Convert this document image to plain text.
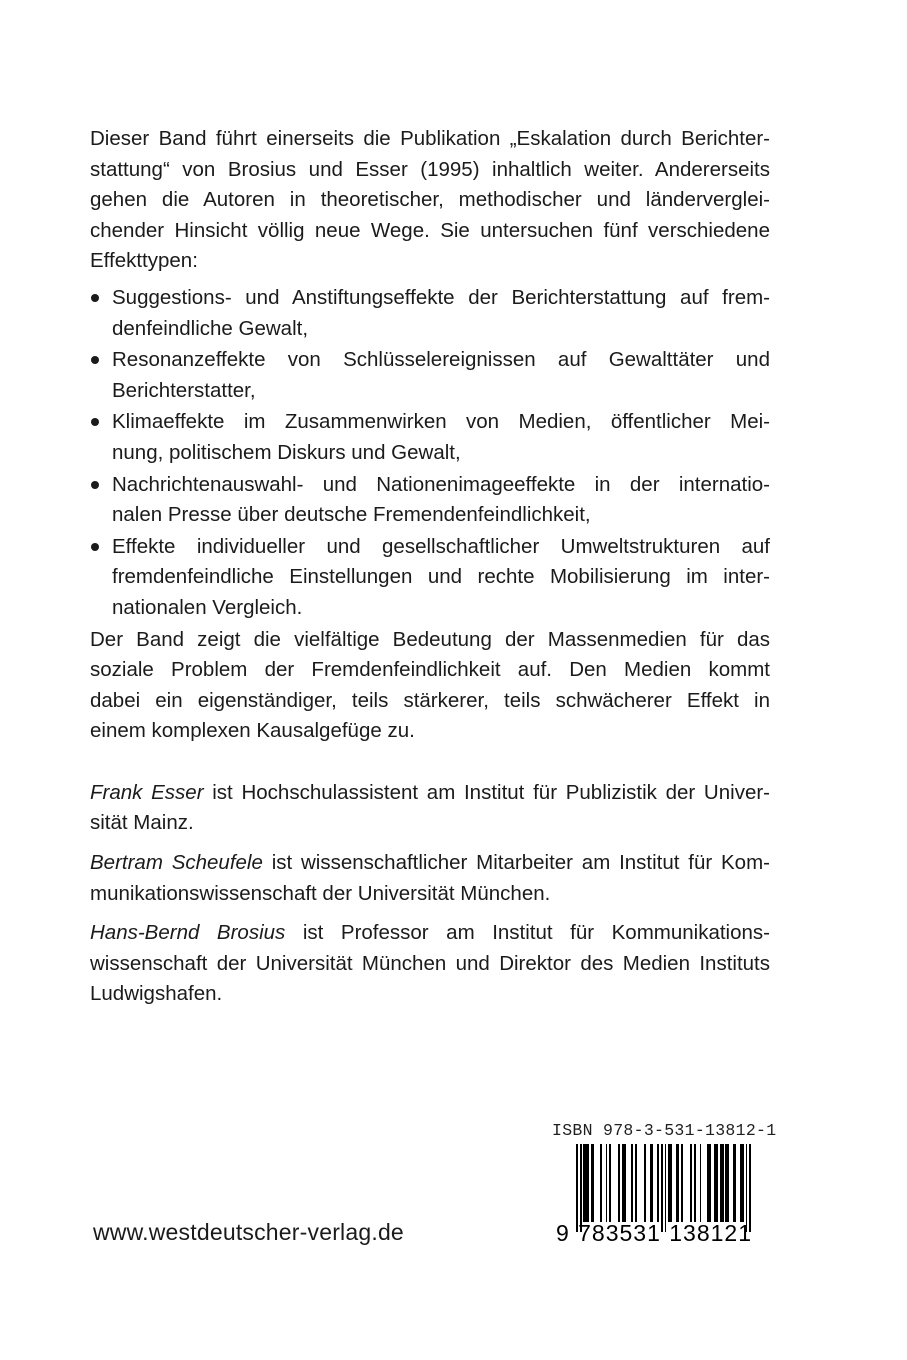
Dieser Band führt einerseits die Publikation „Eskalation durch Berichter-
stattung“ von Brosius und Esser (1995) inhaltlich weiter. Andererseits
gehen die Autoren in theoretischer, methodischer und länderverglei-
chender Hinsicht völlig neue Wege. Sie untersuchen fünf verschiedene
Effekttypen:
Suggestions- und Anstiftungseffekte der Berichterstattung auf frem-
denfeindliche Gewalt,
Resonanzeffekte von Schlüsselereignissen auf Gewalttäter und
Berichterstatter,
Klimaeffekte im Zusammenwirken von Medien, öffentlicher Mei-
nung, politischem Diskurs und Gewalt,
Nachrichtenauswahl- und Nationenimageeffekte in der internatio-
nalen Presse über deutsche Fremendenfeindlichkeit,
Effekte individueller und gesellschaftlicher Umweltstrukturen auf
fremdenfeindliche Einstellungen und rechte Mobilisierung im inter-
nationalen Vergleich.
Der Band zeigt die vielfältige Bedeutung der Massenmedien für das
soziale Problem der Fremdenfeindlichkeit auf. Den Medien kommt
dabei ein eigenständiger, teils stärkerer, teils schwächerer Effekt in
einem komplexen Kausalgefüge zu.
Frank Esser ist Hochschulassistent am Institut für Publizistik der Univer-
sität Mainz.
Bertram Scheufele ist wissenschaftlicher Mitarbeiter am Institut für Kom-
munikationswissenschaft der Universität München.
Hans-Bernd Brosius ist Professor am Institut für Kommunikations-
wissenschaft der Universität München und Direktor des Medien Instituts
Ludwigshafen.
www.westdeutscher-verlag.de
ISBN 978-3-531-13812-1
9 783531 138121
